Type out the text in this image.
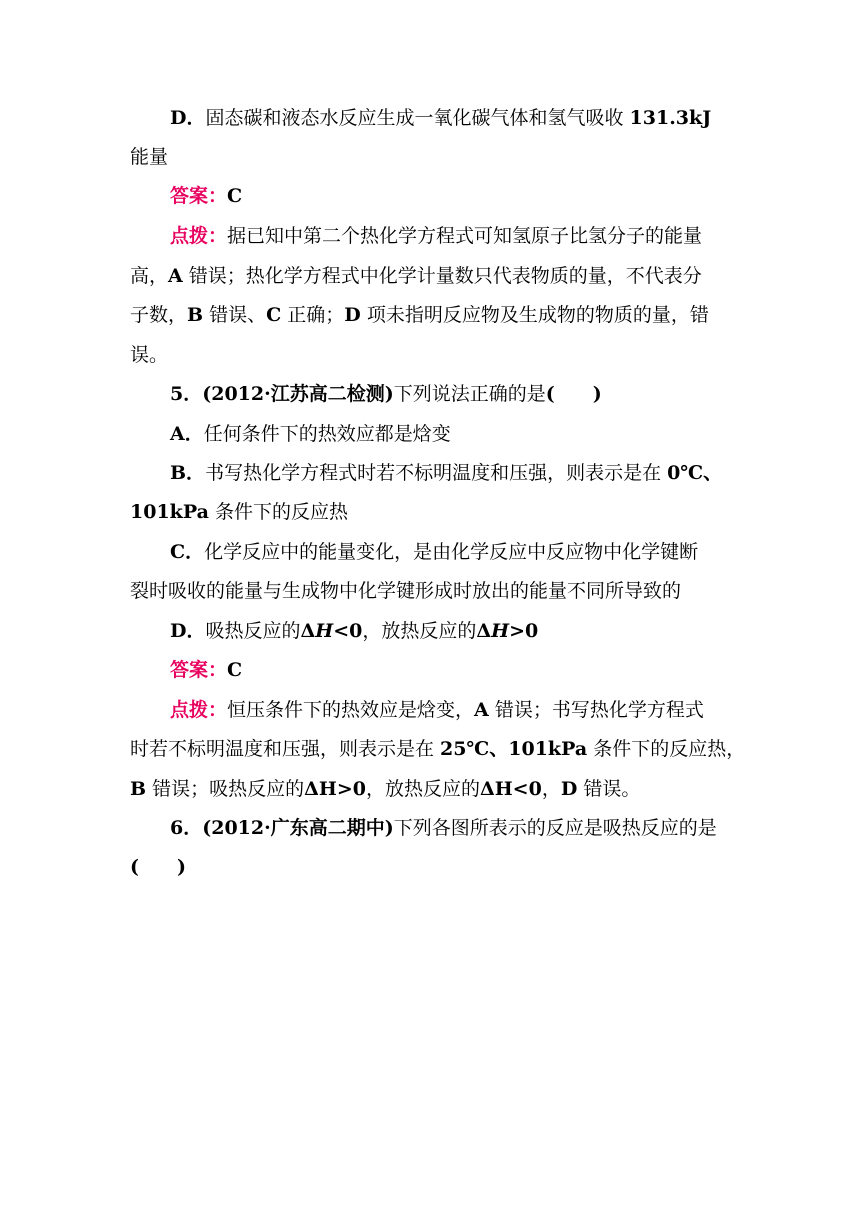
D．固态碳和液态水反应生成一氧化碳气体和氢气吸收 131.3kJ
能量
答案：C
点拨：据已知中第二个热化学方程式可知氢原子比氢分子的能量
高，A 错误；热化学方程式中化学计量数只代表物质的量，不代表分
子数，B 错误、C 正确；D 项未指明反应物及生成物的物质的量，错
误。
5．(2012·江苏高二检测)下列说法正确的是(　　)
A．任何条件下的热效应都是焓变
B．书写热化学方程式时若不标明温度和压强，则表示是在 0℃、
101kPa 条件下的反应热
C．化学反应中的能量变化，是由化学反应中反应物中化学键断
裂时吸收的能量与生成物中化学键形成时放出的能量不同所导致的
D．吸热反应的ΔH<0，放热反应的ΔH>0
答案：C
点拨：恒压条件下的热效应是焓变，A 错误；书写热化学方程式
时若不标明温度和压强，则表示是在 25℃、101kPa 条件下的反应热，
B 错误；吸热反应的ΔH>0，放热反应的ΔH<0，D 错误。
6．(2012·广东高二期中)下列各图所表示的反应是吸热反应的是
(　　)
